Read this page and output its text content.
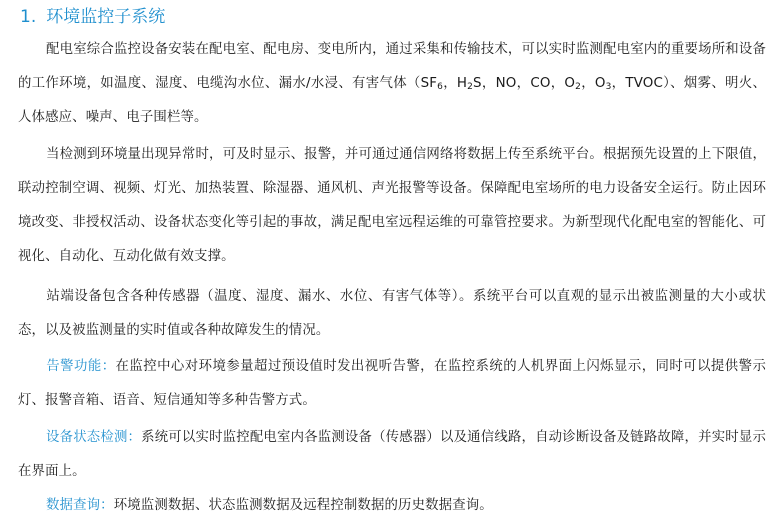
1. 环境监控子系统

配电室综合监控设备安装在配电室、配电房、变电所内，通过采集和传输技术，可以实时监测配电室内的重要场所和设备的工作环境，如温度、湿度、电缆沟水位、漏水/水浸、有害气体（$SF_6$，$H_2S$，NO，CO，$O_2$，$O_3$，TVOC）、烟雾、明火、人体感应、噪声、电子围栏等。

当检测到环境量出现异常时，可及时显示、报警，并可通过通信网络将数据上传至系统平台。根据预先设置的上下限值，联动控制空调、视频、灯光、加热装置、除湿器、通风机、声光报警等设备。保障配电室场所的电力设备安全运行。防止因环境改变、非授权活动、设备状态变化等引起的事故，满足配电室远程运维的可靠管控要求。为新型现代化配电室的智能化、可视化、自动化、互动化做有效支撑。

站端设备包含各种传感器（温度、湿度、漏水、水位、有害气体等）。系统平台可以直观的显示出被监测量的大小或状态，以及被监测量的实时值或各种故障发生的情况。

告警功能：在监控中心对环境参量超过预设值时发出视听告警，在监控系统的人机界面上闪烁显示，同时可以提供警示灯、报警音箱、语音、短信通知等多种告警方式。

设备状态检测：系统可以实时监控配电室内各监测设备（传感器）以及通信线路，自动诊断设备及链路故障，并实时显示在界面上。

数据查询：环境监测数据、状态监测数据及远程控制数据的历史数据查询。
